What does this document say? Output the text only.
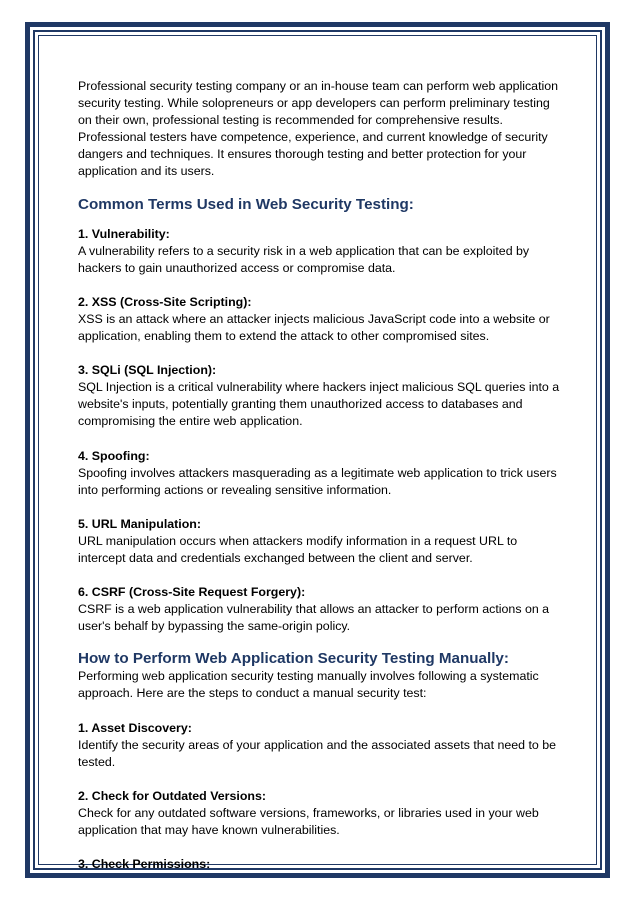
Professional security testing company or an in-house team can perform web application security testing. While solopreneurs or app developers can perform preliminary testing on their own, professional testing is recommended for comprehensive results. Professional testers have competence, experience, and current knowledge of security dangers and techniques. It ensures thorough testing and better protection for your application and its users.

Common Terms Used in Web Security Testing:

1. Vulnerability:

A vulnerability refers to a security risk in a web application that can be exploited by hackers to gain unauthorized access or compromise data.

2. XSS (Cross-Site Scripting):

XSS is an attack where an attacker injects malicious JavaScript code into a website or application, enabling them to extend the attack to other compromised sites.

3. SQLi (SQL Injection):

SQL Injection is a critical vulnerability where hackers inject malicious SQL queries into a website's inputs, potentially granting them unauthorized access to databases and compromising the entire web application.

4. Spoofing:

Spoofing involves attackers masquerading as a legitimate web application to trick users into performing actions or revealing sensitive information.

5. URL Manipulation:

URL manipulation occurs when attackers modify information in a request URL to intercept data and credentials exchanged between the client and server.

6. CSRF (Cross-Site Request Forgery):

CSRF is a web application vulnerability that allows an attacker to perform actions on a user's behalf by bypassing the same-origin policy.

How to Perform Web Application Security Testing Manually:

Performing web application security testing manually involves following a systematic approach. Here are the steps to conduct a manual security test:

1. Asset Discovery:

Identify the security areas of your application and the associated assets that need to be tested.

2. Check for Outdated Versions:

Check for any outdated software versions, frameworks, or libraries used in your web application that may have known vulnerabilities.

3. Check Permissions:
